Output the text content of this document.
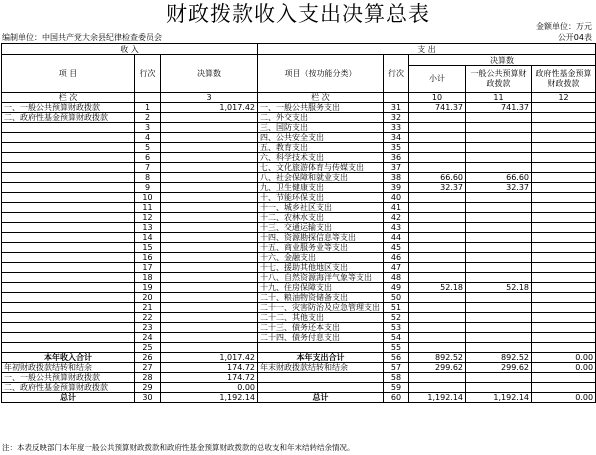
财政拨款收入支出决算总表
金额单位：万元
编制单位：中国共产党大余县纪律检查委员会	公开04表
收 入			支 出				
项 目	行次	决算数	项目（按功能分类）	行次	决算数		
					小计	一般公共预算财政拨款	政府性基金预算财政拨款
栏 次		3	栏 次		10	11	12
一、一般公共预算财政拨款	1	1,017.42	一、一般公共服务支出	31	741.37	741.37	
二、政府性基金预算财政拨款	2		二、外交支出	32			
	3		三、国防支出	33			
	4		四、公共安全支出	34			
	5		五、教育支出	35			
	6		六、科学技术支出	36			
	7		七、文化旅游体育与传媒支出	37			
	8		八、社会保障和就业支出	38	66.60	66.60	
	9		九、卫生健康支出	39	32.37	32.37	
	10		十、节能环保支出	40			
	11		十一、城乡社区支出	41			
	12		十二、农林水支出	42			
	13		十三、交通运输支出	43			
	14		十四、资源勘探信息等支出	44			
	15		十五、商业服务业等支出	45			
	16		十六、金融支出	46			
	17		十七、援助其他地区支出	47			
	18		十八、自然资源海洋气象等支出	48			
	19		十九、住房保障支出	49	52.18	52.18	
	20		二十、粮油物资储备支出	50			
	21		二十一、灾害防治及应急管理支出	51			
	22		二十二、其他支出	52			
	23		二十三、债务还本支出	53			
	24		二十四、债务付息支出	54			
	25			55			
本年收入合计	26	1,017.42	本年支出合计	56	892.52	892.52	0.00
年初财政拨款结转和结余	27	174.72	年末财政拨款结转和结余	57	299.62	299.62	0.00
一、一般公共预算财政拨款	28	174.72		58			
二、政府性基金预算财政拨款	29	0.00		59			
总计	30	1,192.14	总计	60	1,192.14	1,192.14	0.00
注：本表反映部门本年度一般公共预算财政拨款和政府性基金预算财政拨款的总收支和年末结转结余情况。
